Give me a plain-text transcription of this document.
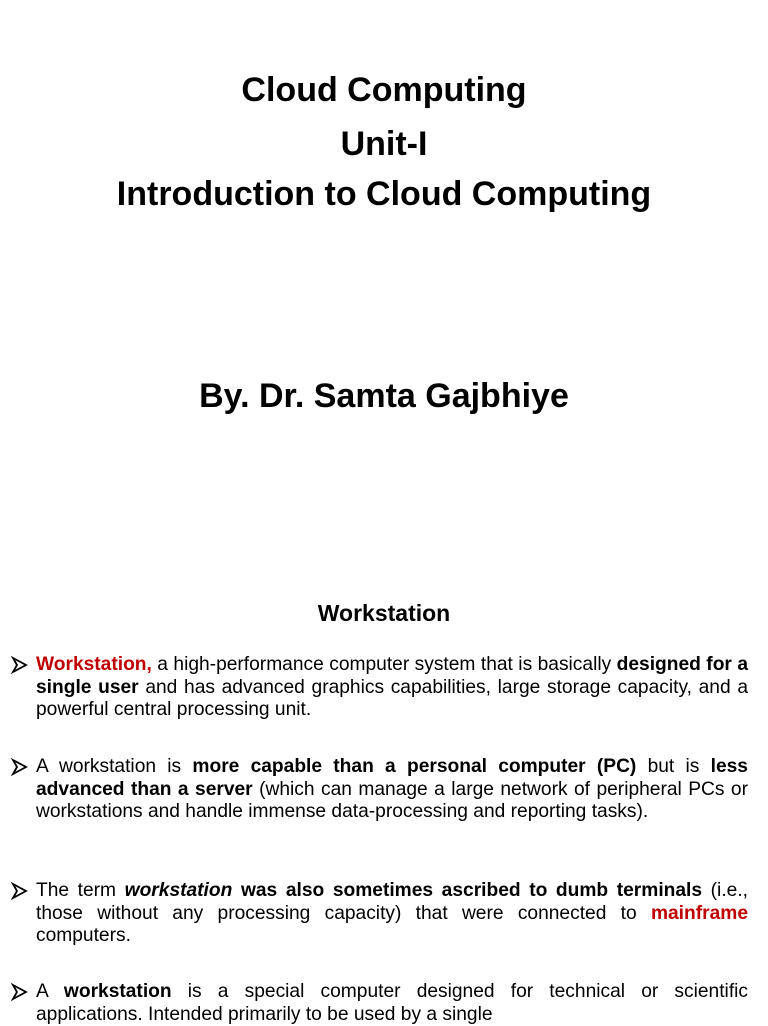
Cloud Computing
Unit-I
Introduction to Cloud Computing
By. Dr. Samta Gajbhiye
Workstation
Workstation, a high-performance computer system that is basically designed for a single user and has advanced graphics capabilities, large storage capacity, and a powerful central processing unit.
A workstation is more capable than a personal computer (PC) but is less advanced than a server (which can manage a large network of peripheral PCs or workstations and handle immense data-processing and reporting tasks).
The term workstation was also sometimes ascribed to dumb terminals (i.e., those without any processing capacity) that were connected to mainframe computers.
A workstation is a special computer designed for technical or scientific applications. Intended primarily to be used by a single
